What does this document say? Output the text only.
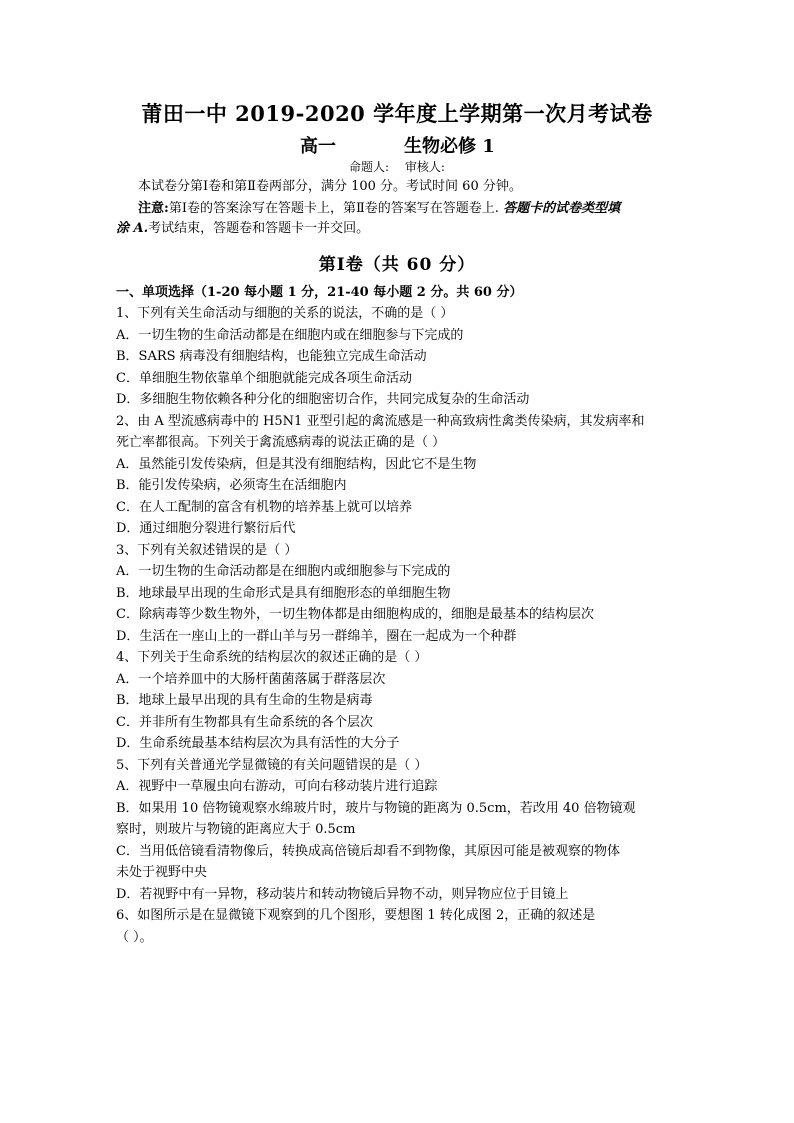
莆田一中 2019-2020 学年度上学期第一次月考试卷
高一	生物必修 1
命题人: 审核人:
本试卷分第Ⅰ卷和第Ⅱ卷两部分，满分 100 分。考试时间 60 分钟。
注意:第Ⅰ卷的答案涂写在答题卡上，第Ⅱ卷的答案写在答题卷上. 答题卡的试卷类型填
涂 A.考试结束，答题卷和答题卡一并交回。
第Ⅰ卷（共 60 分）
一、单项选择（1-20 每小题 1 分，21-40 每小题 2 分。共 60 分）
1、下列有关生命活动与细胞的关系的说法，不确的是（ ）
A．一切生物的生命活动都是在细胞内或在细胞参与下完成的
B．SARS 病毒没有细胞结构，也能独立完成生命活动
C．单细胞生物依靠单个细胞就能完成各项生命活动
D．多细胞生物依赖各种分化的细胞密切合作，共同完成复杂的生命活动
2、由 A 型流感病毒中的 H5N1 亚型引起的禽流感是一种高致病性禽类传染病，其发病率和
死亡率都很高。下列关于禽流感病毒的说法正确的是（ ）
A．虽然能引发传染病，但是其没有细胞结构，因此它不是生物
B．能引发传染病，必须寄生在活细胞内
C．在人工配制的富含有机物的培养基上就可以培养
D．通过细胞分裂进行繁衍后代
3、下列有关叙述错误的是（ ）
A．一切生物的生命活动都是在细胞内或细胞参与下完成的
B．地球最早出现的生命形式是具有细胞形态的单细胞生物
C．除病毒等少数生物外，一切生物体都是由细胞构成的，细胞是最基本的结构层次
D．生活在一座山上的一群山羊与另一群绵羊，圈在一起成为一个种群
4、下列关于生命系统的结构层次的叙述正确的是（ ）
A．一个培养皿中的大肠杆菌菌落属于群落层次
B．地球上最早出现的具有生命的生物是病毒
C．并非所有生物都具有生命系统的各个层次
D．生命系统最基本结构层次为具有活性的大分子
5、下列有关普通光学显微镜的有关问题错误的是（ ）
A．视野中一草履虫向右游动，可向右移动装片进行追踪
B．如果用 10 倍物镜观察水绵玻片时，玻片与物镜的距离为 0.5cm，若改用 40 倍物镜观
察时，则玻片与物镜的距离应大于 0.5cm
C．当用低倍镜看清物像后，转换成高倍镜后却看不到物像，其原因可能是被观察的物体
未处于视野中央
D．若视野中有一异物，移动装片和转动物镜后异物不动，则异物应位于目镜上
6、如图所示是在显微镜下观察到的几个图形，要想图 1 转化成图 2，正确的叙述是
（ ）。
